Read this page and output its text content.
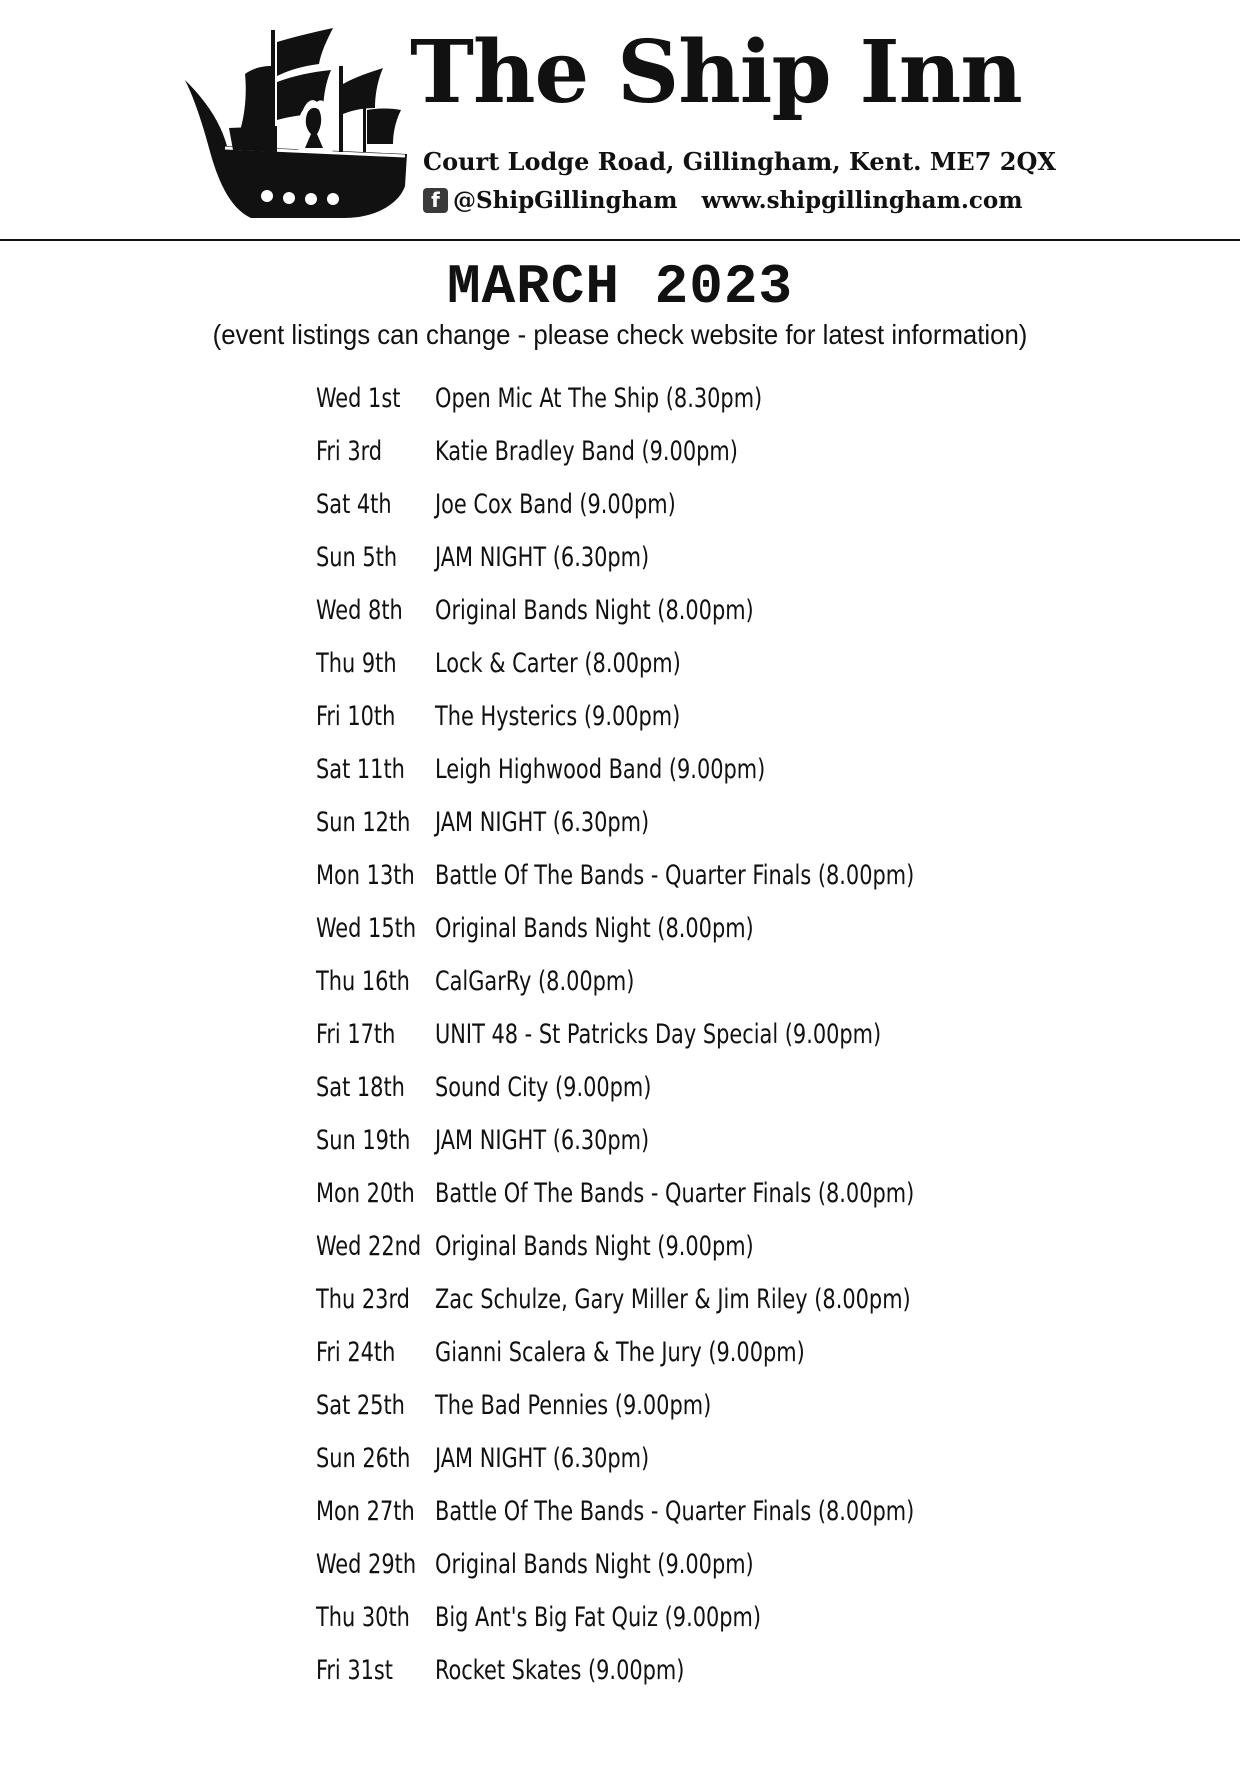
The Ship Inn
Court Lodge Road, Gillingham, Kent. ME7 2QX
f @ShipGillingham www.shipgillingham.com
MARCH 2023
(event listings can change - please check website for latest information)
Wed 1st	Open Mic At The Ship (8.30pm)
Fri 3rd	Katie Bradley Band (9.00pm)
Sat 4th	Joe Cox Band (9.00pm)
Sun 5th	JAM NIGHT (6.30pm)
Wed 8th	Original Bands Night (8.00pm)
Thu 9th	Lock & Carter (8.00pm)
Fri 10th	The Hysterics (9.00pm)
Sat 11th	Leigh Highwood Band (9.00pm)
Sun 12th JAM NIGHT (6.30pm)
Mon 13th Battle Of The Bands - Quarter Finals (8.00pm)
Wed 15th Original Bands Night (8.00pm)
Thu 16th CalGarRy (8.00pm)
Fri 17th	UNIT 48 - St Patricks Day Special (9.00pm)
Sat 18th	Sound City (9.00pm)
Sun 19th JAM NIGHT (6.30pm)
Mon 20th Battle Of The Bands - Quarter Finals (8.00pm)
Wed 22nd Original Bands Night (9.00pm)
Thu 23rd Zac Schulze, Gary Miller & Jim Riley (8.00pm)
Fri 24th	Gianni Scalera & The Jury (9.00pm)
Sat 25th	The Bad Pennies (9.00pm)
Sun 26th JAM NIGHT (6.30pm)
Mon 27th Battle Of The Bands - Quarter Finals (8.00pm)
Wed 29th Original Bands Night (9.00pm)
Thu 30th Big Ant's Big Fat Quiz (9.00pm)
Fri 31st	Rocket Skates (9.00pm)
